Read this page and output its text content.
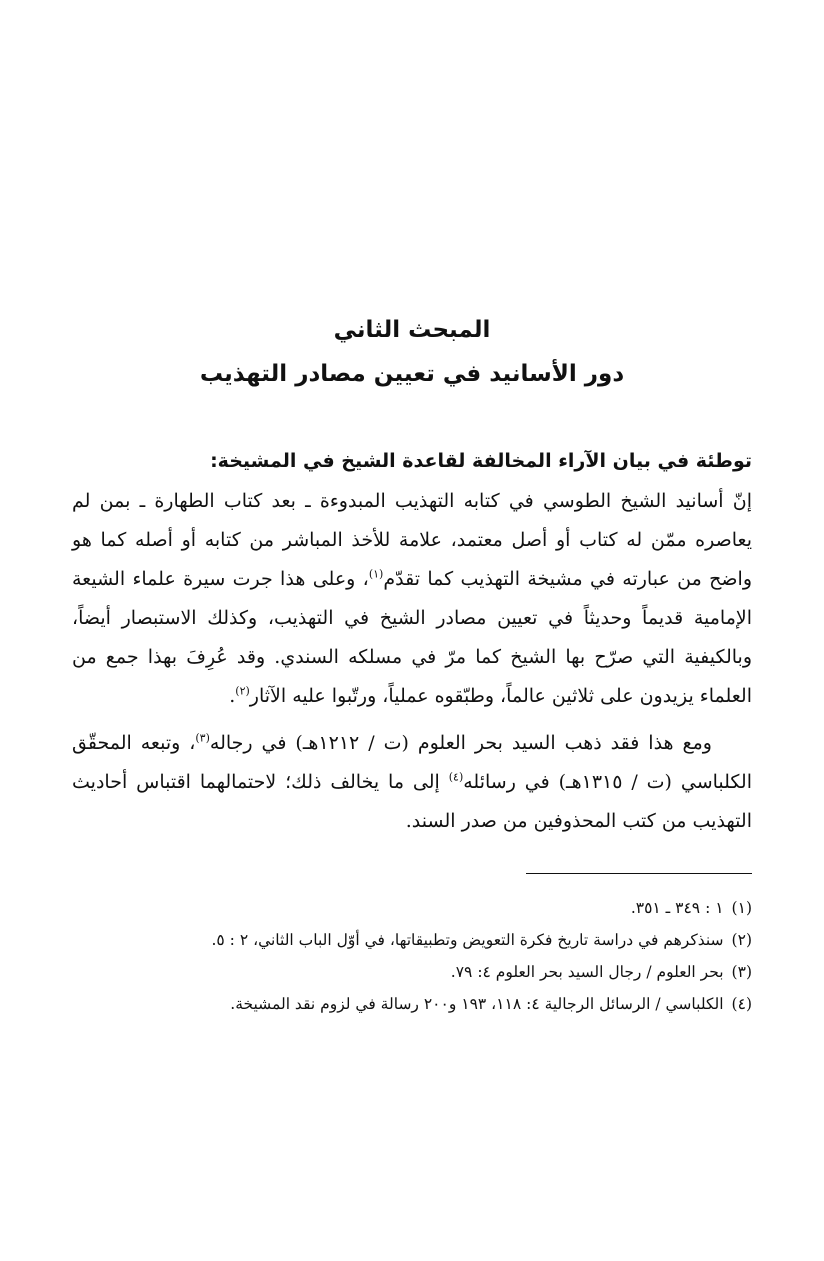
المبحث الثاني
دور الأسانيد في تعيين مصادر التهذيب
توطئة في بيان الآراء المخالفة لقاعدة الشيخ في المشيخة:

إنّ أسانيد الشيخ الطوسي في كتابه التهذيب المبدوءة ـ بعد كتاب الطهارة ـ بمن لم يعاصره ممّن له كتاب أو أصل معتمد، علامة للأخذ المباشر من كتابه أو أصله كما هو واضح من عبارته في مشيخة التهذيب كما تقدّم$^{(١)}$، وعلى هذا جرت سيرة علماء الشيعة الإمامية قديماً وحديثاً في تعيين مصادر الشيخ في التهذيب، وكذلك الاستبصار أيضاً، وبالكيفية التي صرّح بها الشيخ كما مرّ في مسلكه السندي. وقد عُرِفَ بهذا جمع من العلماء يزيدون على ثلاثين عالماً، وطبّقوه عملياً، ورتّبوا عليه الآثار$^{(٢)}$.

ومع هذا فقد ذهب السيد بحر العلوم (ت / ١٢١٢هـ) في رجاله$^{(٣)}$، وتبعه المحقّق الكلباسي (ت / ١٣١٥هـ) في رسائله$^{(٤)}$ إلى ما يخالف ذلك؛ لاحتمالهما اقتباس أحاديث التهذيب من كتب المحذوفين من صدر السند.

(١)
١ : ٣٤٩ ـ ٣٥١.
(٢)
سنذكرهم في دراسة تاريخ فكرة التعويض وتطبيقاتها، في أوّل الباب الثاني، ٢ : ٥.
(٣)
بحر العلوم / رجال السيد بحر العلوم ٤: ٧٩.
(٤)
الكلباسي / الرسائل الرجالية ٤: ١١٨، ١٩٣ و٢٠٠ رسالة في لزوم نقد المشيخة.
